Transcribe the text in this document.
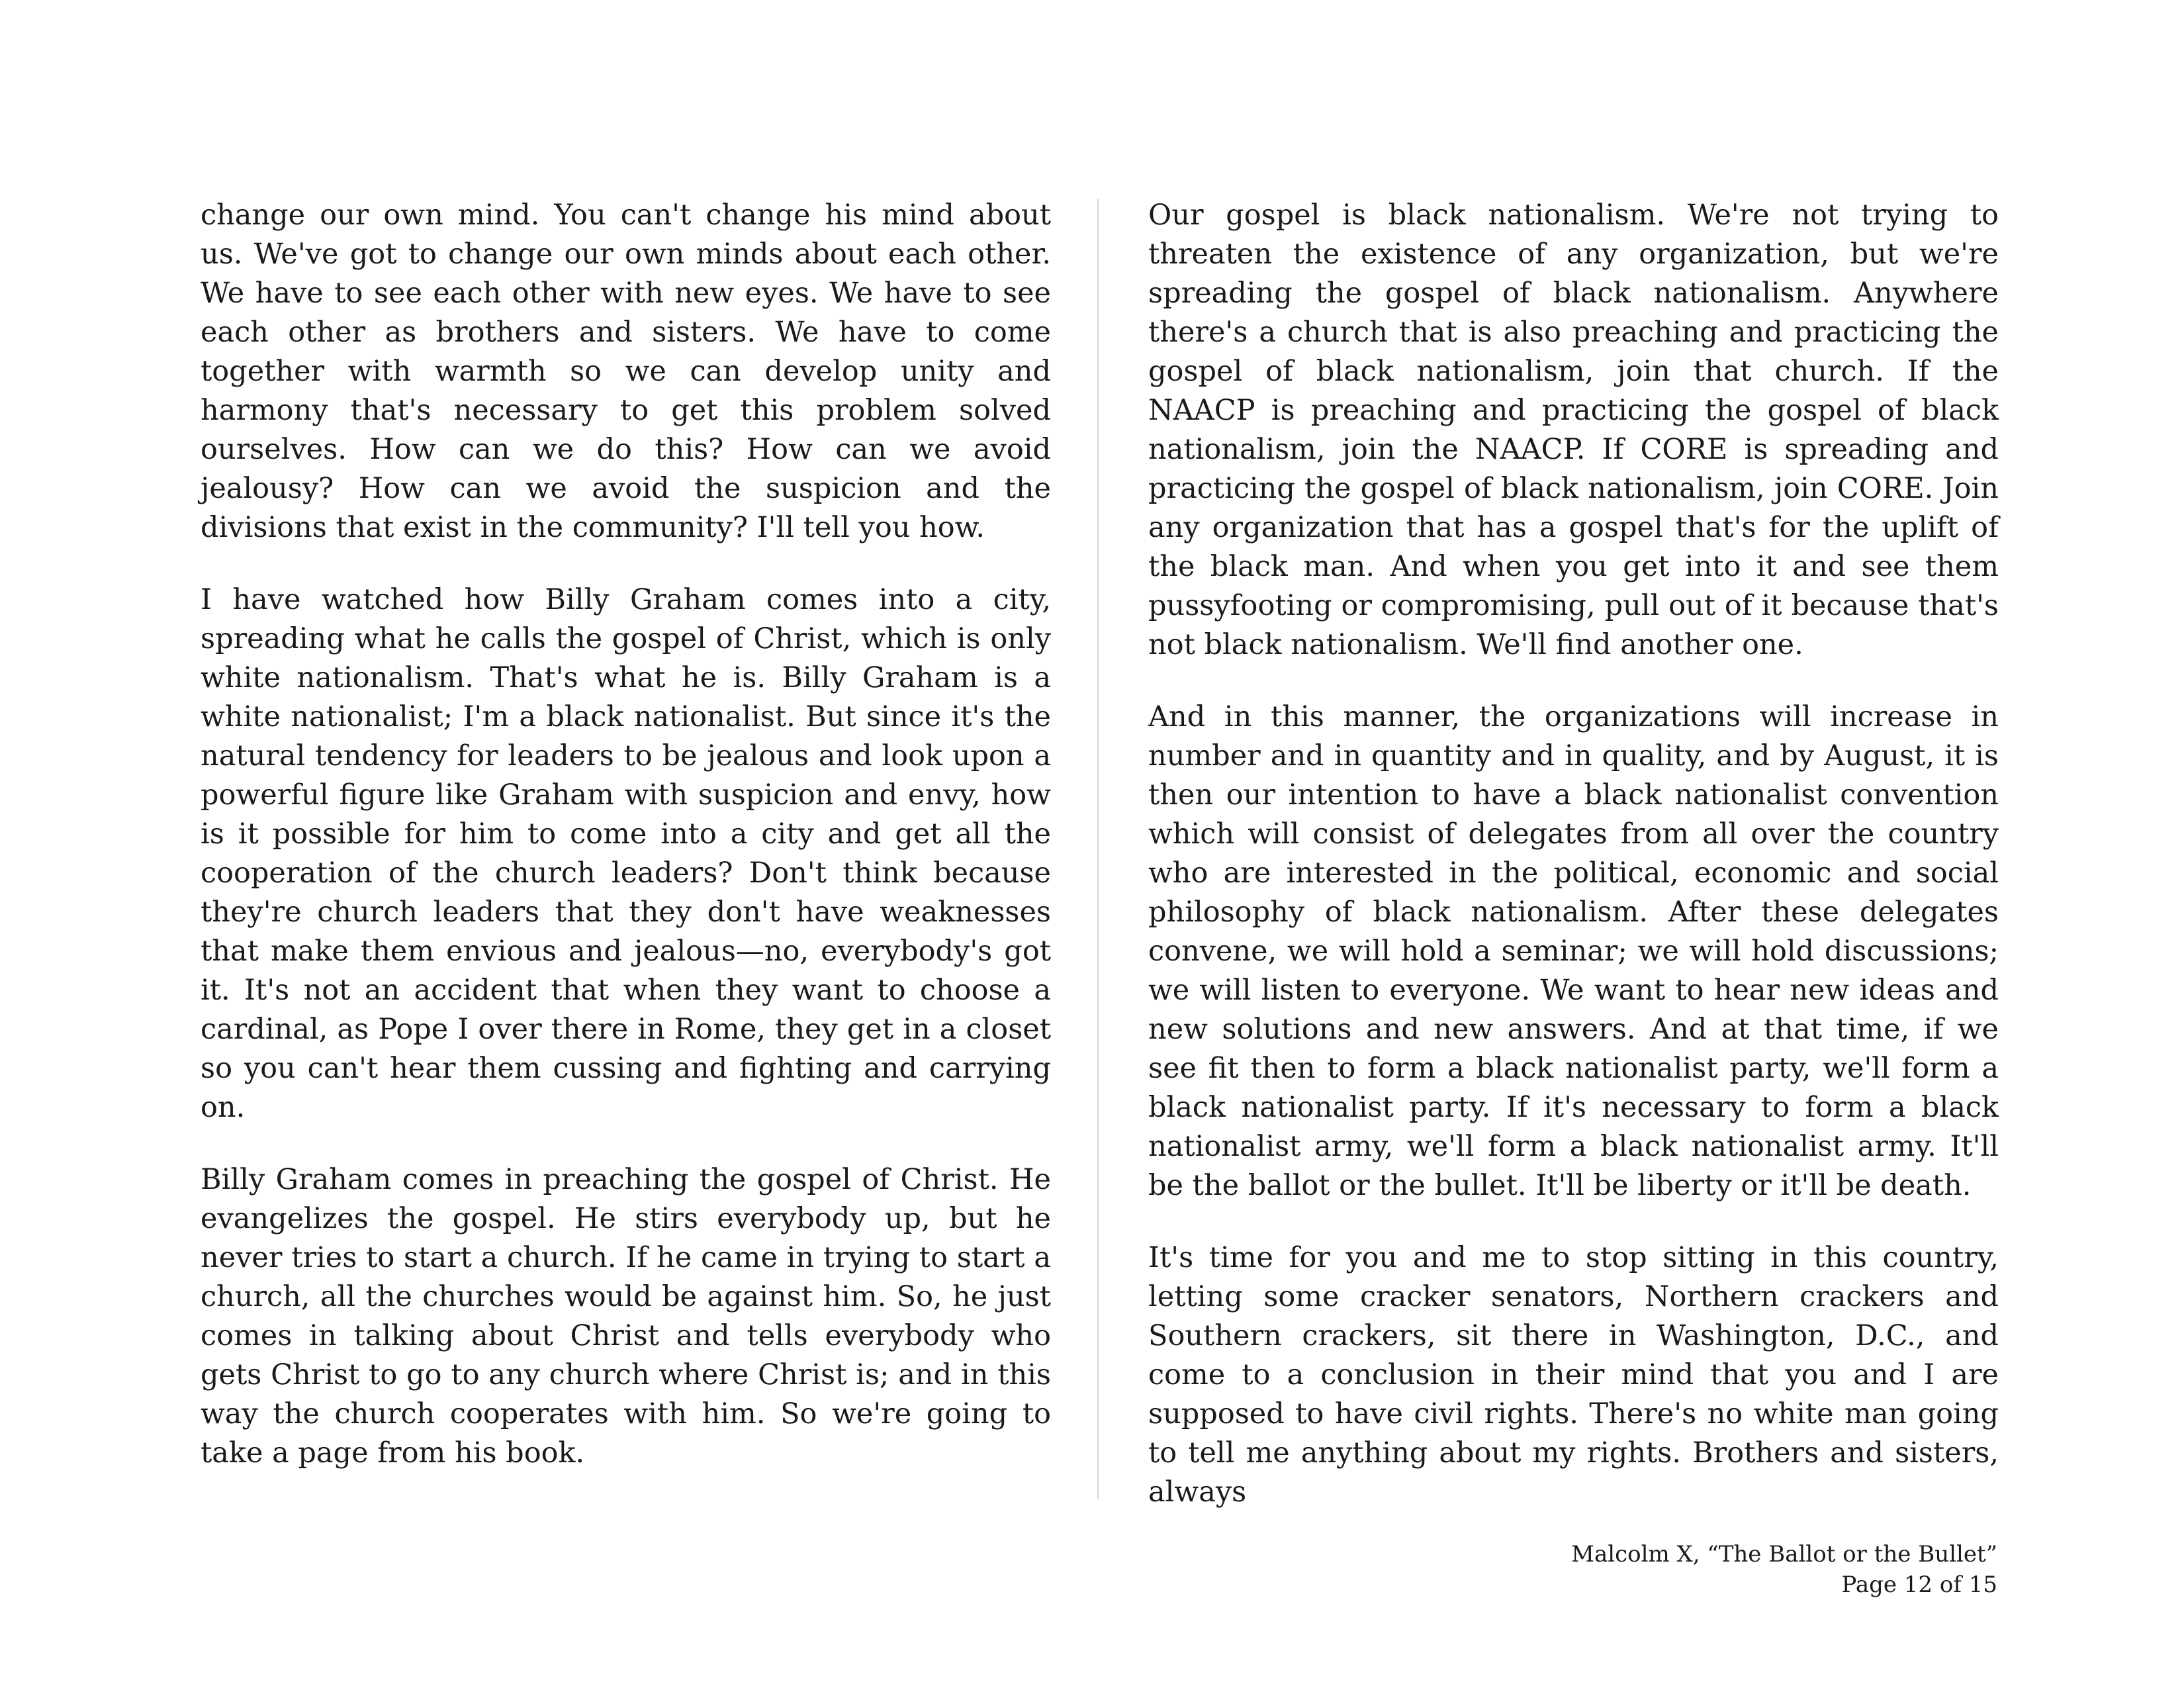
change our own mind. You can't change his mind about us. We've got to change our own minds about each other. We have to see each other with new eyes. We have to see each other as brothers and sisters. We have to come together with warmth so we can develop unity and harmony that's necessary to get this problem solved ourselves. How can we do this? How can we avoid jealousy? How can we avoid the suspicion and the divisions that exist in the community? I'll tell you how.

I have watched how Billy Graham comes into a city, spreading what he calls the gospel of Christ, which is only white nationalism. That's what he is. Billy Graham is a white nationalist; I'm a black nationalist. But since it's the natural tendency for leaders to be jealous and look upon a powerful figure like Graham with suspicion and envy, how is it possible for him to come into a city and get all the cooperation of the church leaders? Don't think because they're church leaders that they don't have weaknesses that make them envious and jealous—no, everybody's got it. It's not an accident that when they want to choose a cardinal, as Pope I over there in Rome, they get in a closet so you can't hear them cussing and fighting and carrying on.

Billy Graham comes in preaching the gospel of Christ. He evangelizes the gospel. He stirs everybody up, but he never tries to start a church. If he came in trying to start a church, all the churches would be against him. So, he just comes in talking about Christ and tells everybody who gets Christ to go to any church where Christ is; and in this way the church cooperates with him. So we're going to take a page from his book.

Our gospel is black nationalism. We're not trying to threaten the existence of any organization, but we're spreading the gospel of black nationalism. Anywhere there's a church that is also preaching and practicing the gospel of black nationalism, join that church. If the NAACP is preaching and practicing the gospel of black nationalism, join the NAACP. If CORE is spreading and practicing the gospel of black nationalism, join CORE. Join any organization that has a gospel that's for the uplift of the black man. And when you get into it and see them pussyfooting or compromising, pull out of it because that's not black nationalism. We'll find another one.

And in this manner, the organizations will increase in number and in quantity and in quality, and by August, it is then our intention to have a black nationalist convention which will consist of delegates from all over the country who are interested in the political, economic and social philosophy of black nationalism. After these delegates convene, we will hold a seminar; we will hold discussions; we will listen to everyone. We want to hear new ideas and new solutions and new answers. And at that time, if we see fit then to form a black nationalist party, we'll form a black nationalist party. If it's necessary to form a black nationalist army, we'll form a black nationalist army. It'll be the ballot or the bullet. It'll be liberty or it'll be death.

It's time for you and me to stop sitting in this country, letting some cracker senators, Northern crackers and Southern crackers, sit there in Washington, D.C., and come to a conclusion in their mind that you and I are supposed to have civil rights. There's no white man going to tell me anything about my rights. Brothers and sisters, always

Malcolm X, “The Ballot or the Bullet”
Page 12 of 15
